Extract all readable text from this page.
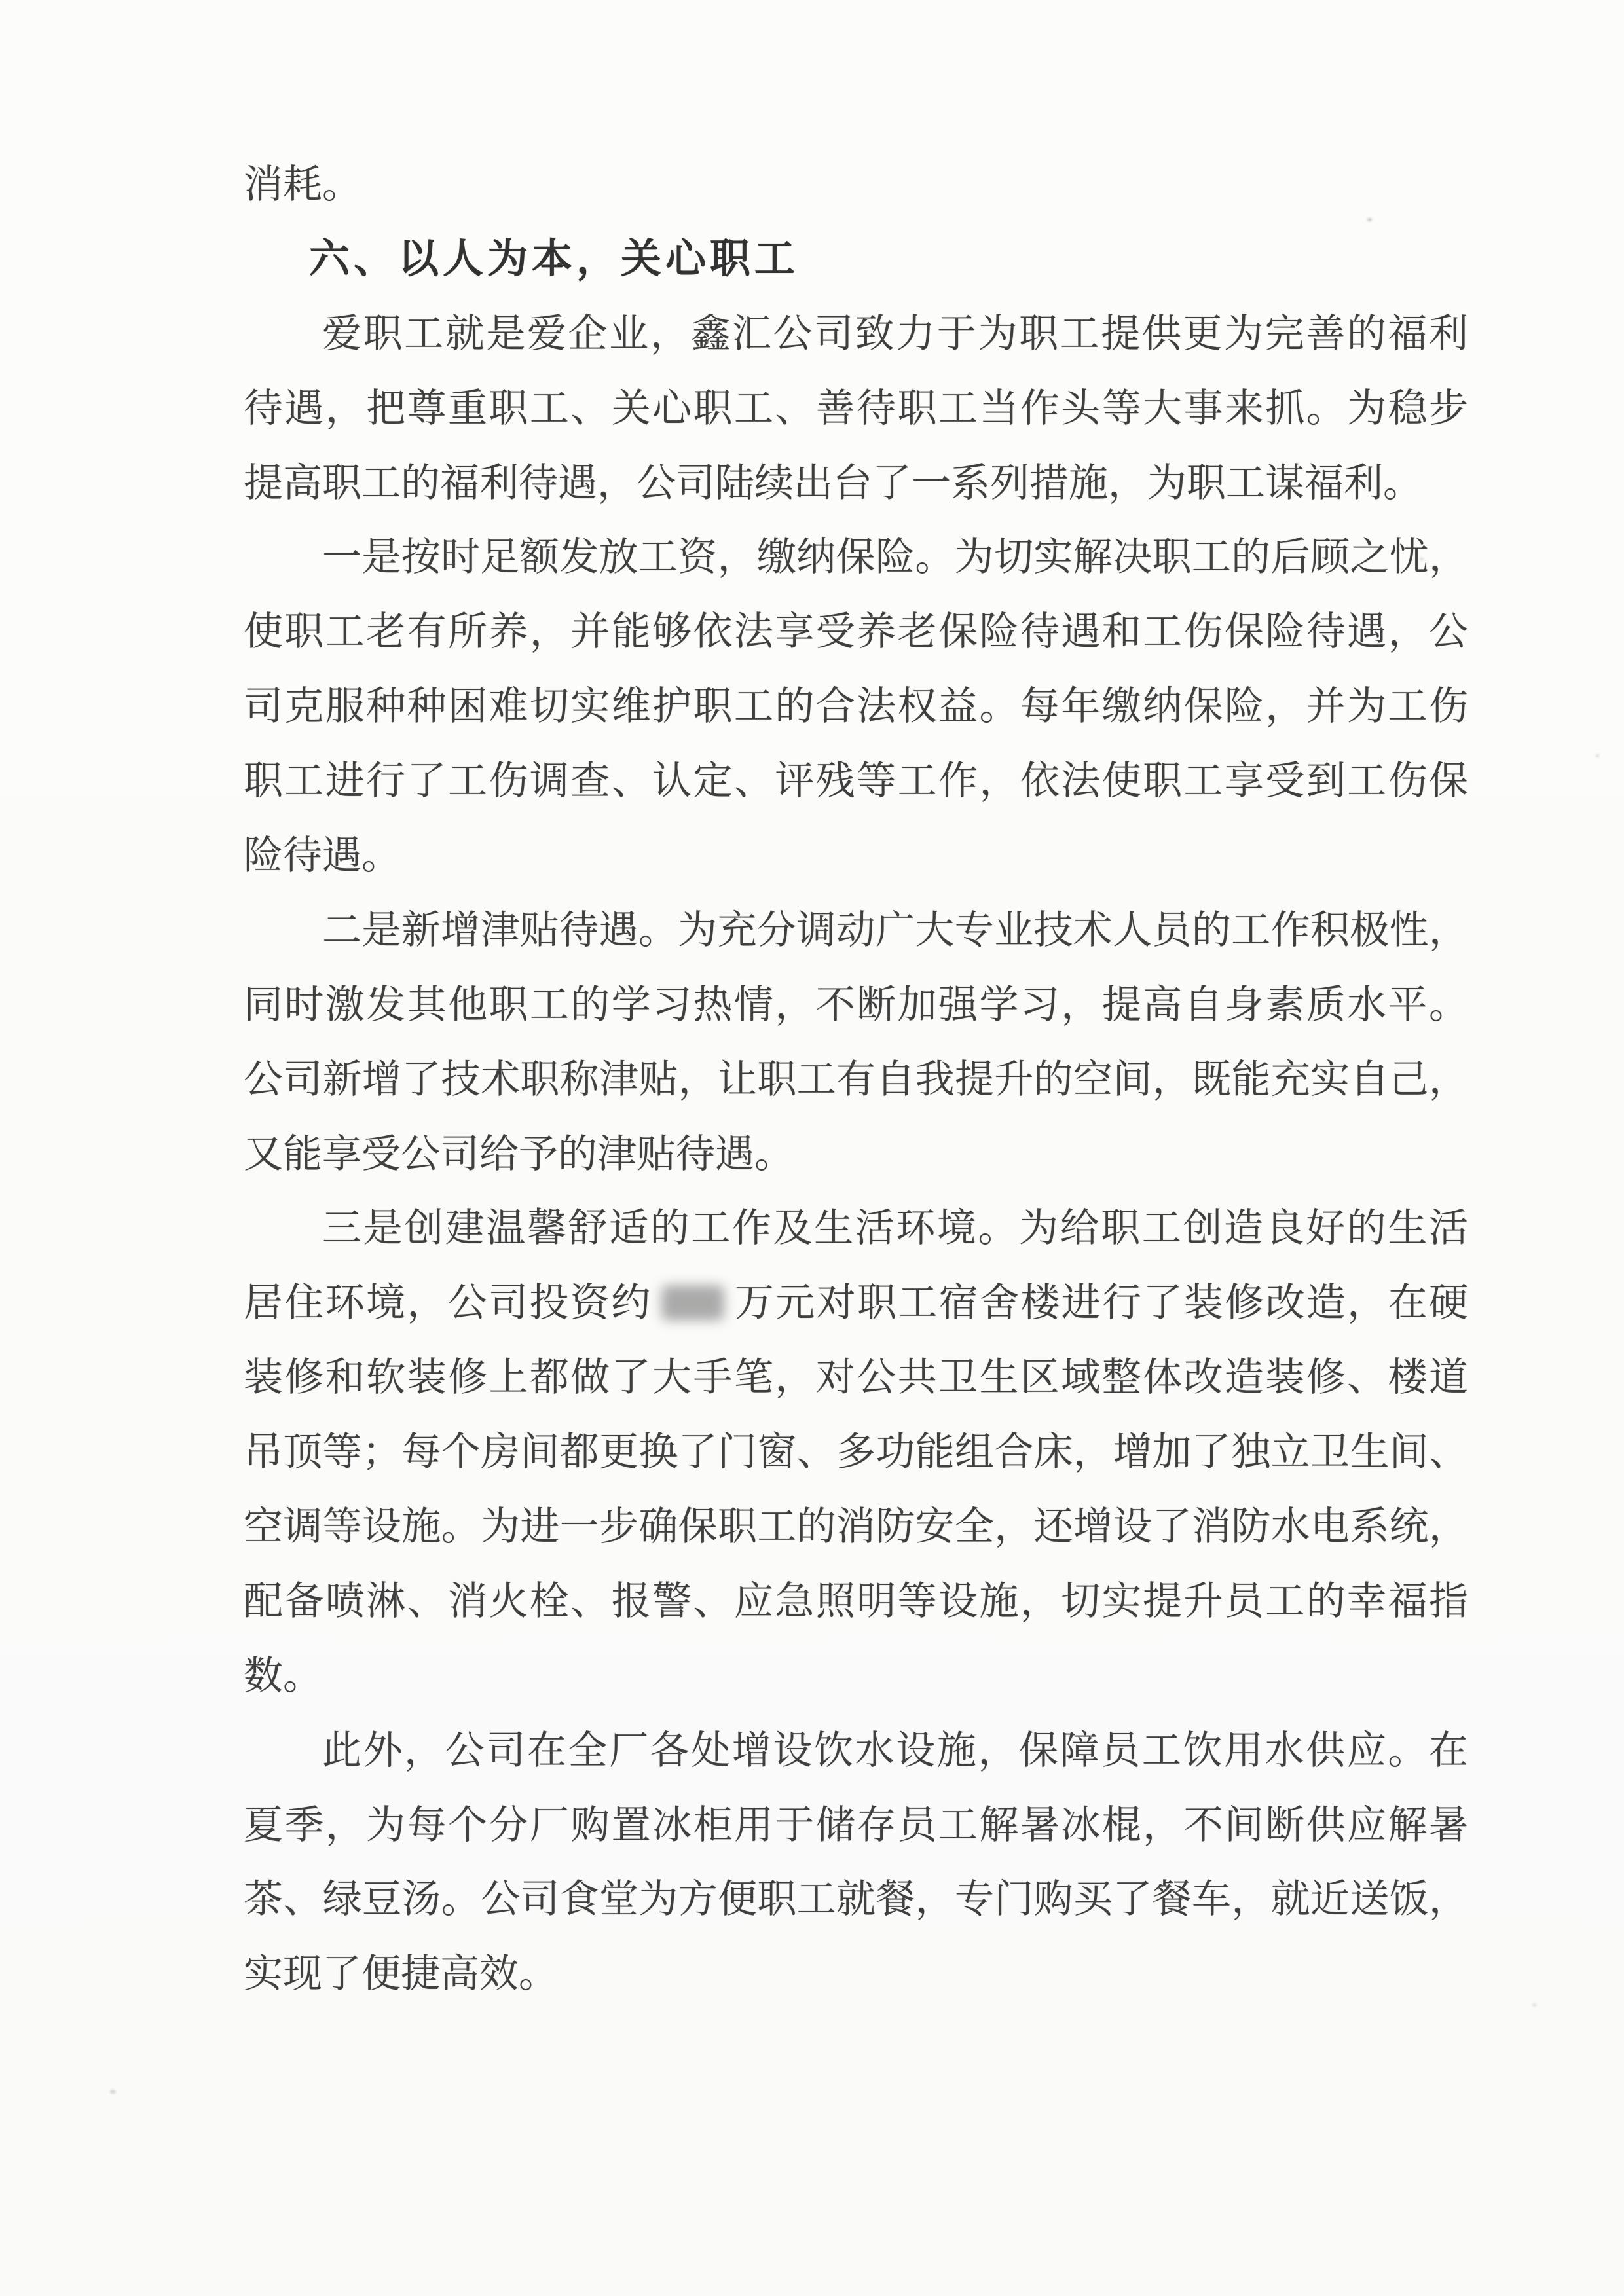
消耗。
六、以人为本，关心职工
爱职工就是爱企业，鑫汇公司致力于为职工提供更为完善的福利
待遇，把尊重职工、关心职工、善待职工当作头等大事来抓。为稳步
提高职工的福利待遇，公司陆续出台了一系列措施，为职工谋福利。
一是按时足额发放工资，缴纳保险。为切实解决职工的后顾之忧，
使职工老有所养，并能够依法享受养老保险待遇和工伤保险待遇，公
司克服种种困难切实维护职工的合法权益。每年缴纳保险，并为工伤
职工进行了工伤调查、认定、评残等工作，依法使职工享受到工伤保
险待遇。
二是新增津贴待遇。为充分调动广大专业技术人员的工作积极性，
同时激发其他职工的学习热情，不断加强学习，提高自身素质水平。
公司新增了技术职称津贴，让职工有自我提升的空间，既能充实自己，
又能享受公司给予的津贴待遇。
三是创建温馨舒适的工作及生活环境。为给职工创造良好的生活
居住环境，公司投资约 万元对职工宿舍楼进行了装修改造，在硬
装修和软装修上都做了大手笔，对公共卫生区域整体改造装修、楼道
吊顶等；每个房间都更换了门窗、多功能组合床，增加了独立卫生间、
空调等设施。为进一步确保职工的消防安全，还增设了消防水电系统，
配备喷淋、消火栓、报警、应急照明等设施，切实提升员工的幸福指
数。
此外，公司在全厂各处增设饮水设施，保障员工饮用水供应。在
夏季，为每个分厂购置冰柜用于储存员工解暑冰棍，不间断供应解暑
茶、绿豆汤。公司食堂为方便职工就餐，专门购买了餐车，就近送饭，
实现了便捷高效。
